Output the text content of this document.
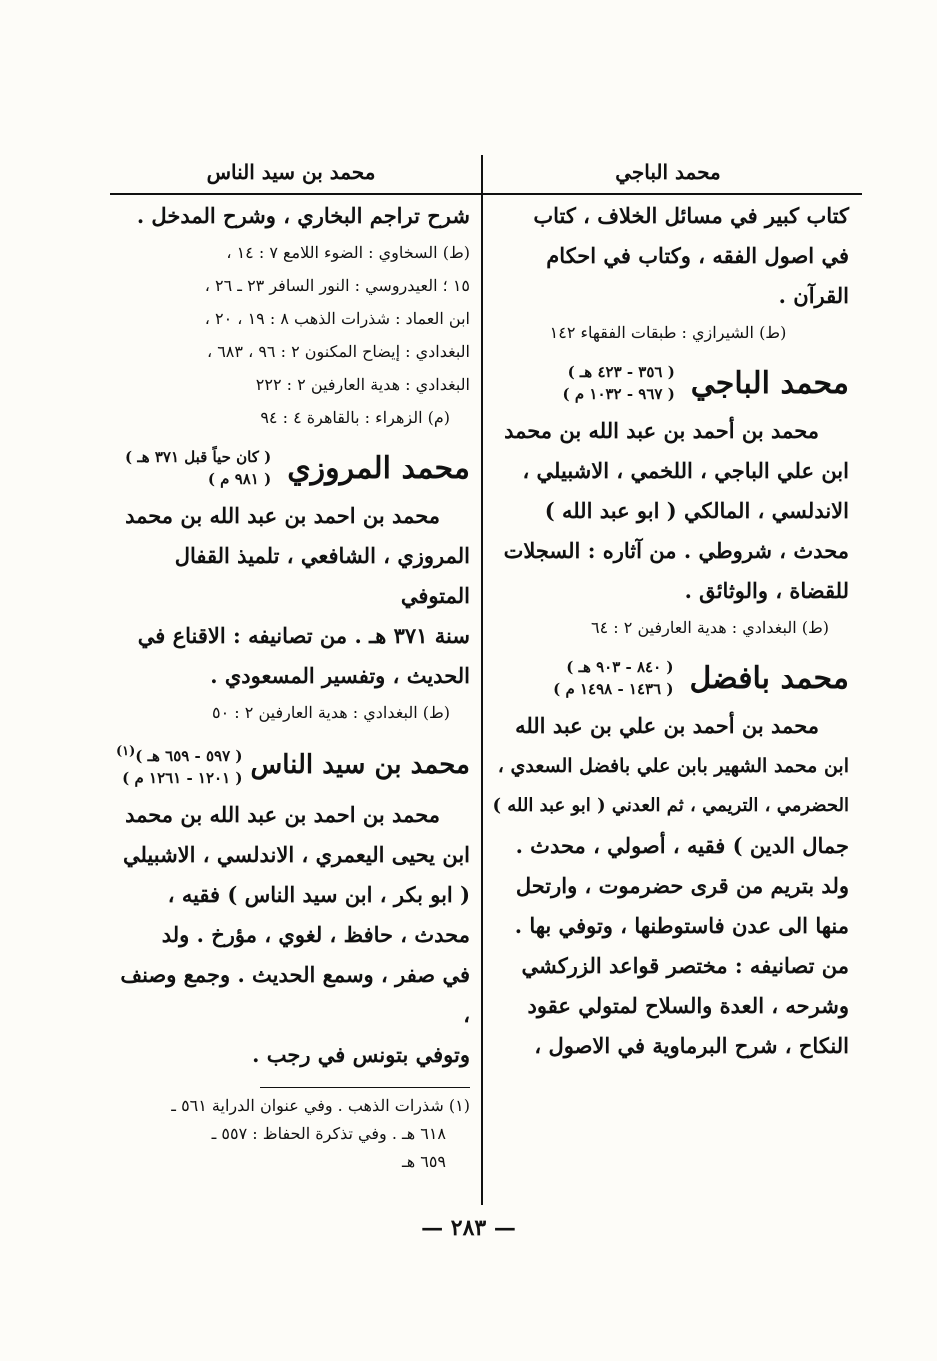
محمد الباجي

كتاب كبير في مسائل الخلاف ، كتاب

في اصول الفقه ، وكتاب في احكام

القرآن .

(ط) الشيرازي : طبقات الفقهاء ١٤٢

محمد الباجي
( ٣٥٦ - ٤٢٣ هـ )
( ٩٦٧ - ١٠٣٢ م )

محمد بن أحمد بن عبد الله بن محمد

ابن علي الباجي ، اللخمي ، الاشبيلي ،

الاندلسي ، المالكي ( ابو عبد الله )

محدث ، شروطي . من آثاره : السجلات

للقضاة ، والوثائق .

(ط) البغدادي : هدية العارفين ٢ : ٦٤

محمد بافضل
( ٨٤٠ - ٩٠٣ هـ )
( ١٤٣٦ - ١٤٩٨ م )

محمد بن أحمد بن علي بن عبد الله

ابن محمد الشهير بابن علي بافضل السعدي ،

الحضرمي ، التريمي ، ثم العدني ( ابو عبد الله )

جمال الدين ) فقيه ، أصولي ، محدث .

ولد بتريم من قرى حضرموت ، وارتحل

منها الى عدن فاستوطنها ، وتوفي بها .

من تصانيفه : مختصر قواعد الزركشي

وشرحه ، العدة والسلاح لمتولي عقود

النكاح ، شرح البرماوية في الاصول ،

محمد بن سيد الناس

شرح تراجم البخاري ، وشرح المدخل .

(ط) السخاوي : الضوء اللامع ٧ : ١٤ ،

١٥ ؛ العيدروسي : النور السافر ٢٣ ـ ٢٦ ،

ابن العماد : شذرات الذهب ٨ : ١٩ ، ٢٠ ،

البغدادي : إيضاح المكنون ٢ : ٩٦ ، ٦٨٣ ،

البغدادي : هدية العارفين ٢ : ٢٢٢

(م) الزهراء : بالقاهرة ٤ : ٩٤

محمد المروزي
( كان حياً قبل ٣٧١ هـ )
( ٩٨١ م )

محمد بن احمد بن عبد الله بن محمد

المروزي ، الشافعي ، تلميذ القفال المتوفي

سنة ٣٧١ هـ . من تصانيفه : الاقناع في

الحديث ، وتفسير المسعودي .

(ط) البغدادي : هدية العارفين ٢ : ٥٠

محمد بن سيد الناس
( ٥٩٧ - ٦٥٩ هـ )(١)
( ١٢٠١ - ١٢٦١ م )

محمد بن احمد بن عبد الله بن محمد

ابن يحيى اليعمري ، الاندلسي ، الاشبيلي

( ابو بكر ، ابن سيد الناس ) فقيه ،

محدث ، حافظ ، لغوي ، مؤرخ . ولد

في صفر ، وسمع الحديث . وجمع وصنف ،

وتوفي بتونس في رجب .

(١) شذرات الذهب . وفي عنوان الدراية ٥٦١ ـ

٦١٨ هـ . وفي تذكرة الحفاظ : ٥٥٧ ـ

٦٥٩ هـ

— ٢٨٣ —
